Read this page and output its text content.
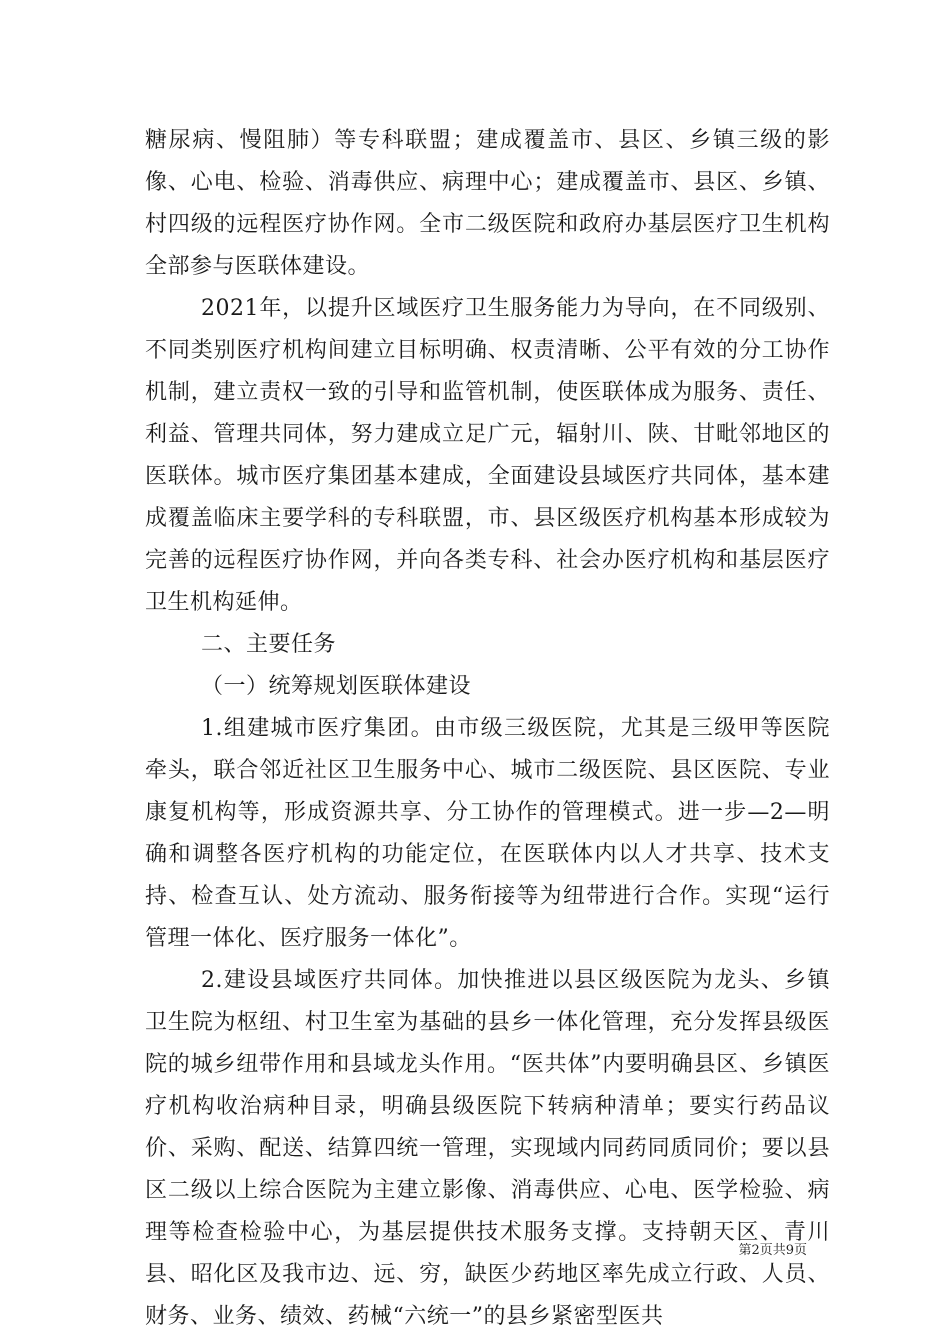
糖尿病、慢阻肺）等专科联盟；建成覆盖市、县区、乡镇三级的影像、心电、检验、消毒供应、病理中心；建成覆盖市、县区、乡镇、村四级的远程医疗协作网。全市二级医院和政府办基层医疗卫生机构全部参与医联体建设。

2021年，以提升区域医疗卫生服务能力为导向，在不同级别、不同类别医疗机构间建立目标明确、权责清晰、公平有效的分工协作机制，建立责权一致的引导和监管机制，使医联体成为服务、责任、利益、管理共同体，努力建成立足广元，辐射川、陕、甘毗邻地区的医联体。城市医疗集团基本建成，全面建设县域医疗共同体，基本建成覆盖临床主要学科的专科联盟，市、县区级医疗机构基本形成较为完善的远程医疗协作网，并向各类专科、社会办医疗机构和基层医疗卫生机构延伸。

二、主要任务

（一）统筹规划医联体建设

1.组建城市医疗集团。由市级三级医院，尤其是三级甲等医院牵头，联合邻近社区卫生服务中心、城市二级医院、县区医院、专业康复机构等，形成资源共享、分工协作的管理模式。进一步—2—明确和调整各医疗机构的功能定位，在医联体内以人才共享、技术支持、检查互认、处方流动、服务衔接等为纽带进行合作。实现“运行管理一体化、医疗服务一体化”。

2.建设县域医疗共同体。加快推进以县区级医院为龙头、乡镇卫生院为枢纽、村卫生室为基础的县乡一体化管理，充分发挥县级医院的城乡纽带作用和县域龙头作用。“医共体”内要明确县区、乡镇医疗机构收治病种目录，明确县级医院下转病种清单；要实行药品议价、采购、配送、结算四统一管理，实现域内同药同质同价；要以县区二级以上综合医院为主建立影像、消毒供应、心电、医学检验、病理等检查检验中心，为基层提供技术服务支撑。支持朝天区、青川县、昭化区及我市边、远、穷，缺医少药地区率先成立行政、人员、财务、业务、绩效、药械“六统一”的县乡紧密型医共

第2页共9页
